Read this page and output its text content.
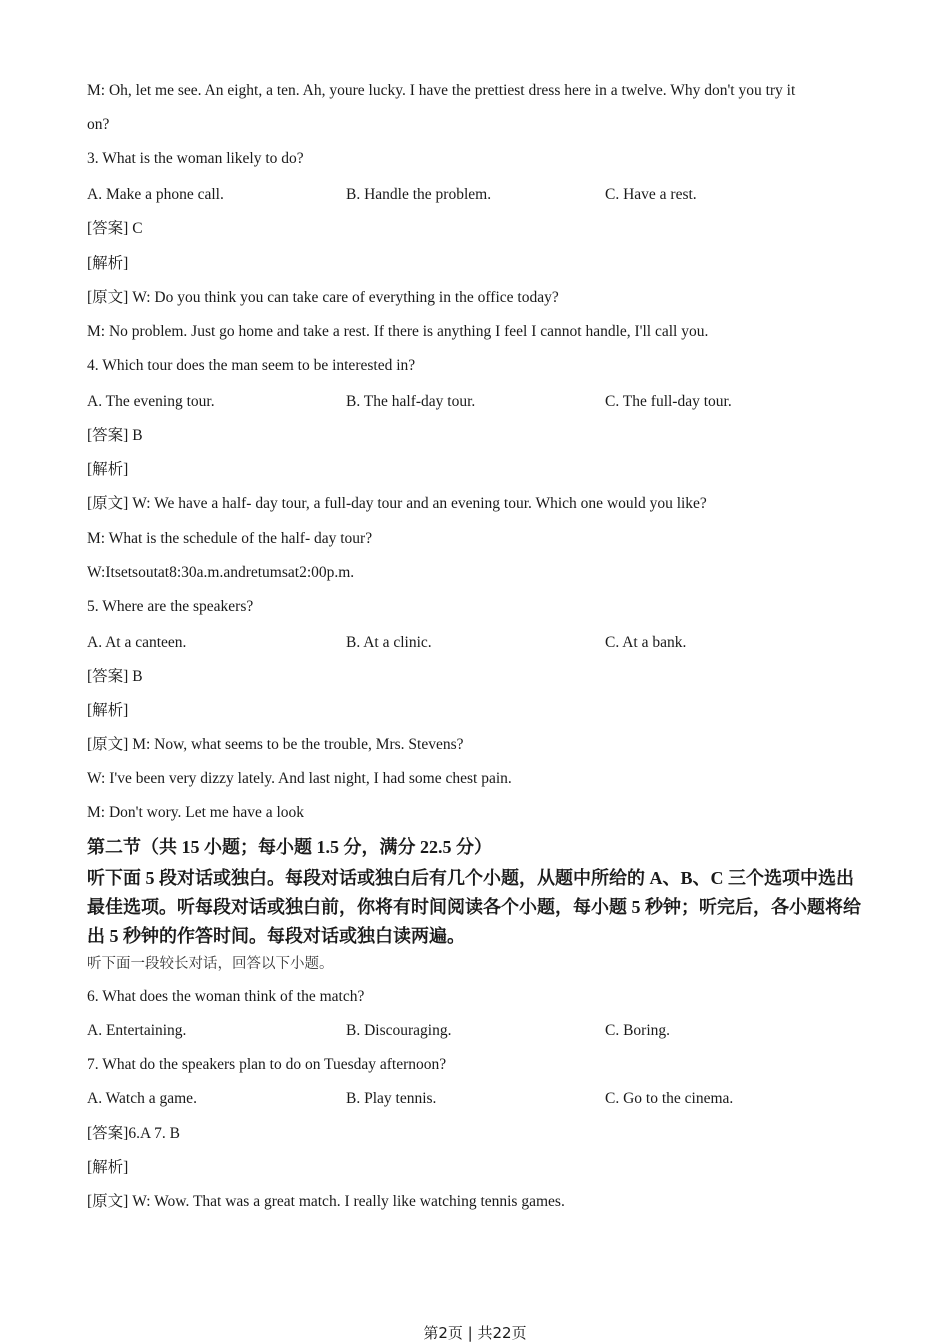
M: Oh, let me see. An eight, a ten. Ah, youre lucky. I have the prettiest dress here in a twelve. Why don't you try it
on?
3. What is the woman likely to do?
A. Make a phone call.	B. Handle the problem.	C. Have a rest.
[答案] C
[解析]
[原文] W: Do you think you can take care of everything in the office today?
M: No problem. Just go home and take a rest. If there is anything I feel I cannot handle, I'll call you.
4. Which tour does the man seem to be interested in?
A. The evening tour.	B. The half-day tour.	C. The full-day tour.
[答案] B
[解析]
[原文] W: We have a half- day tour, a full-day tour and an evening tour. Which one would you like?
M: What is the schedule of the half- day tour?
W:Itsetsoutat8:30a.m.andretumsat2:00p.m.
5. Where are the speakers?
A. At a canteen.	B. At a clinic.	C. At a bank.
[答案] B
[解析]
[原文] M: Now, what seems to be the trouble, Mrs. Stevens?
W: I've been very dizzy lately. And last night, I had some chest pain.
M: Don't wory. Let me have a look
第二节（共 15 小题；每小题 1.5 分，满分 22.5 分）
听下面 5 段对话或独白。每段对话或独白后有几个小题，从题中所给的 A、B、C 三个选项中选出最佳选项。听每段对话或独白前，你将有时间阅读各个小题，每小题 5 秒钟；听完后，各小题将给出 5 秒钟的作答时间。每段对话或独白读两遍。
听下面一段较长对话，回答以下小题。
6. What does the woman think of the match?
A. Entertaining.	B. Discouraging.	C. Boring.
7. What do the speakers plan to do on Tuesday afternoon?
A. Watch a game.	B. Play tennis.	C. Go to the cinema.
[答案]6.A 7. B
[解析]
[原文] W: Wow. That was a great match. I really like watching tennis games.
第2页 | 共22页
